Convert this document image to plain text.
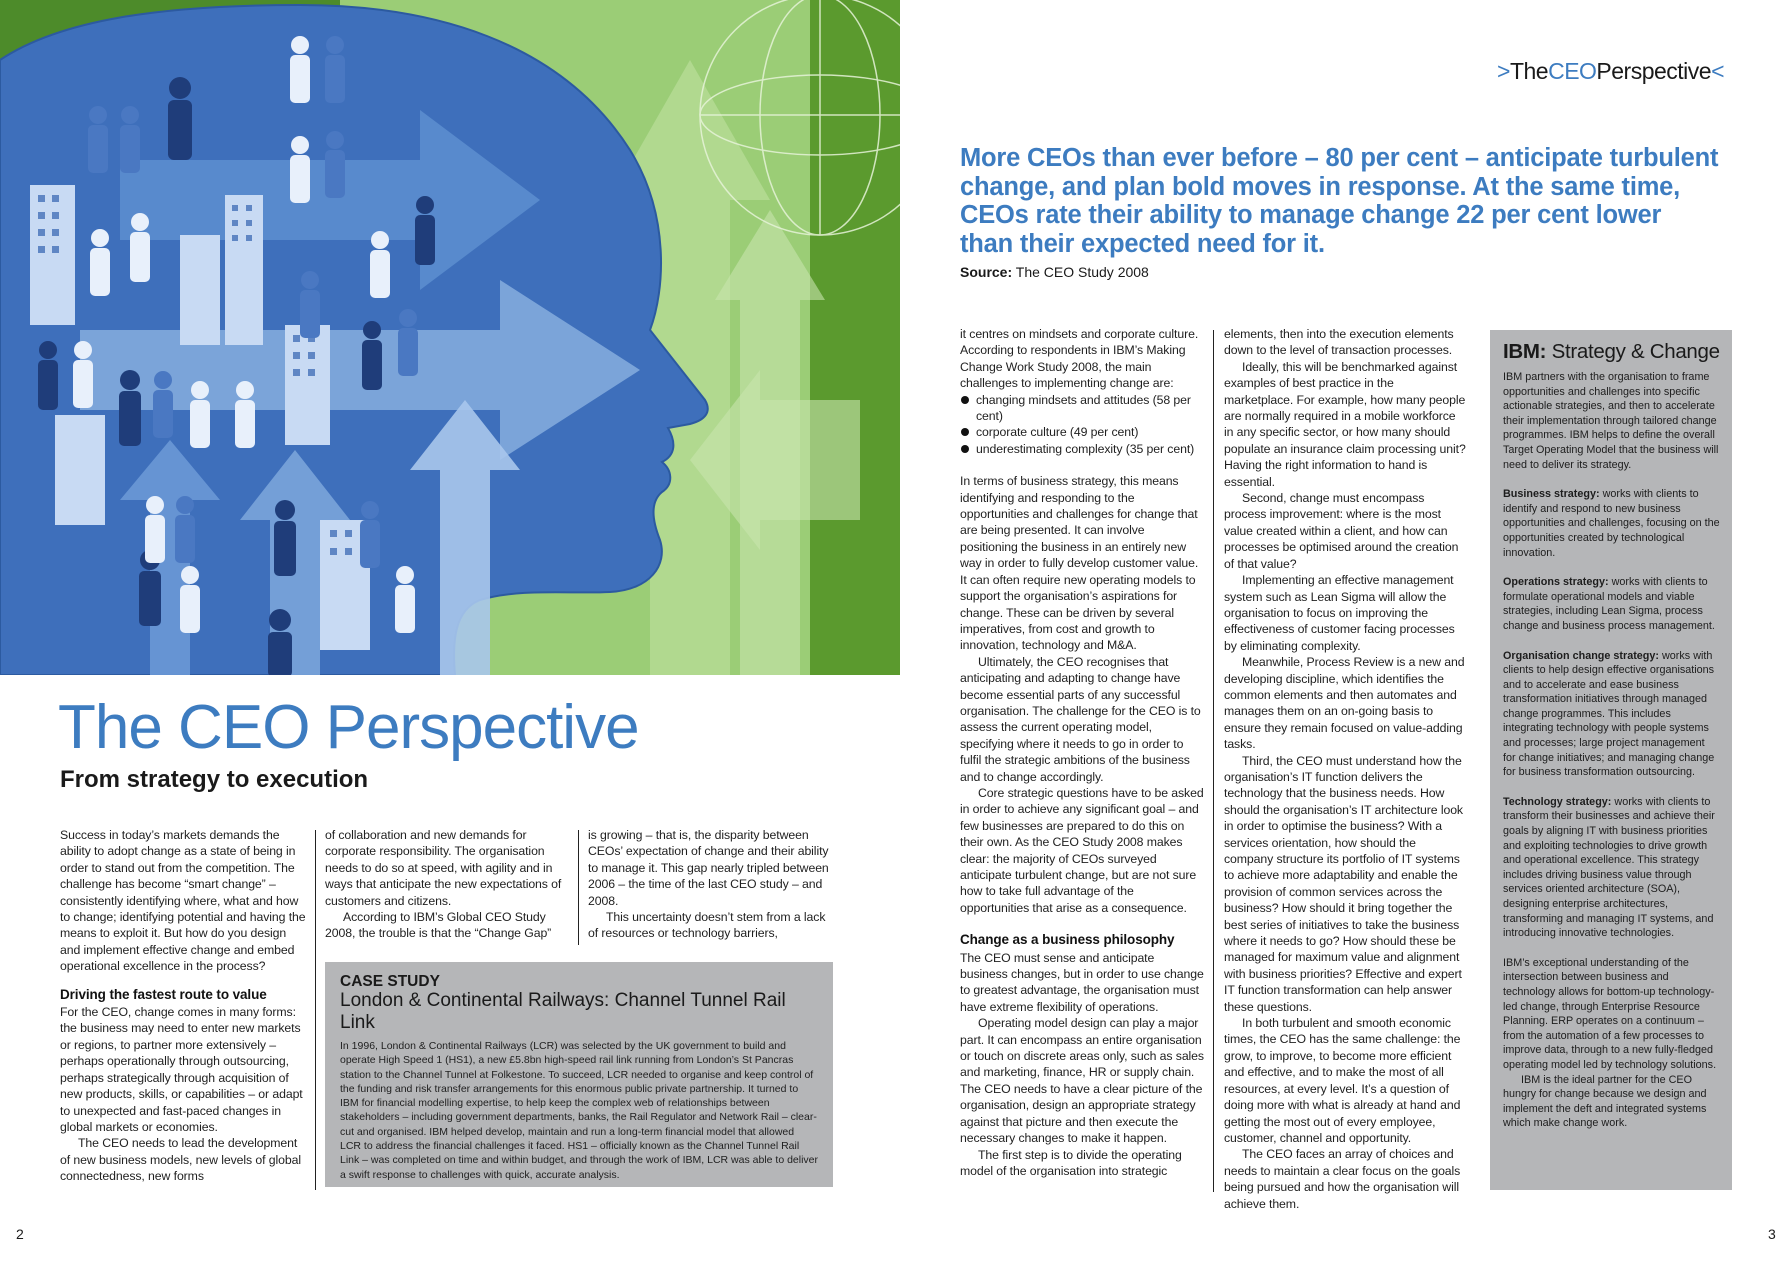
The CEO Perspective
From strategy to execution

Success in today’s markets demands the ability to adopt change as a state of being in order to stand out from the competition. The challenge has become “smart change” – consistently identifying where, what and how to change; identifying potential and having the means to exploit it. But how do you design and implement effective change and embed operational excellence in the process?

Driving the fastest route to value

For the CEO, change comes in many forms: the business may need to enter new markets or regions, to partner more extensively – perhaps operationally through outsourcing, perhaps strategically through acquisition of new products, skills, or capabilities – or adapt to unexpected and fast-paced changes in global markets or economies.

The CEO needs to lead the development of new business models, new levels of global connectedness, new forms

of collaboration and new demands for corporate responsibility. The organisation needs to do so at speed, with agility and in ways that anticipate the new expectations of customers and citizens.

According to IBM’s Global CEO Study 2008, the trouble is that the “Change Gap”

is growing – that is, the disparity between CEOs’ expectation of change and their ability to manage it. This gap nearly tripled between 2006 – the time of the last CEO study – and 2008.

This uncertainty doesn’t stem from a lack of resources or technology barriers,

CASE STUDY
London & Continental Railways: Channel Tunnel Rail Link
In 1996, London & Continental Railways (LCR) was selected by the UK government to build and operate High Speed 1 (HS1), a new £5.8bn high-speed rail link running from London’s St Pancras station to the Channel Tunnel at Folkestone. To succeed, LCR needed to organise and keep control of the funding and risk transfer arrangements for this enormous public private partnership. It turned to IBM for financial modelling expertise, to help keep the complex web of relationships between stakeholders – including government departments, banks, the Rail Regulator and Network Rail – clear-cut and organised. IBM helped develop, maintain and run a long-term financial model that allowed LCR to address the financial challenges it faced. HS1 – officially known as the Channel Tunnel Rail Link – was completed on time and within budget, and through the work of IBM, LCR was able to deliver a swift response to challenges with quick, accurate analysis.
2
>TheCEOPerspective<
More CEOs than ever before – 80 per cent – anticipate turbulent change, and plan bold moves in response. At the same time, CEOs rate their ability to manage change 22 per cent lower than their expected need for it.
Source: The CEO Study 2008

it centres on mindsets and corporate culture. According to respondents in IBM’s Making Change Work Study 2008, the main challenges to implementing change are:

changing mindsets and attitudes (58 per cent)
corporate culture (49 per cent)
underestimating complexity (35 per cent)

In terms of business strategy, this means identifying and responding to the opportunities and challenges for change that are being presented. It can involve positioning the business in an entirely new way in order to fully develop customer value. It can often require new operating models to support the organisation’s aspirations for change. These can be driven by several imperatives, from cost and growth to innovation, technology and M&A.

Ultimately, the CEO recognises that anticipating and adapting to change have become essential parts of any successful organisation. The challenge for the CEO is to assess the current operating model, specifying where it needs to go in order to fulfil the strategic ambitions of the business and to change accordingly.

Core strategic questions have to be asked in order to achieve any significant goal – and few businesses are prepared to do this on their own. As the CEO Study 2008 makes clear: the majority of CEOs surveyed anticipate turbulent change, but are not sure how to take full advantage of the opportunities that arise as a consequence.

Change as a business philosophy

The CEO must sense and anticipate business changes, but in order to use change to greatest advantage, the organisation must have extreme flexibility of operations.

Operating model design can play a major part. It can encompass an entire organisation or touch on discrete areas only, such as sales and marketing, finance, HR or supply chain. The CEO needs to have a clear picture of the organisation, design an appropriate strategy against that picture and then execute the necessary changes to make it happen.

The first step is to divide the operating model of the organisation into strategic

elements, then into the execution elements down to the level of transaction processes.

Ideally, this will be benchmarked against examples of best practice in the marketplace. For example, how many people are normally required in a mobile workforce in any specific sector, or how many should populate an insurance claim processing unit? Having the right information to hand is essential.

Second, change must encompass process improvement: where is the most value created within a client, and how can processes be optimised around the creation of that value?

Implementing an effective management system such as Lean Sigma will allow the organisation to focus on improving the effectiveness of customer facing processes by eliminating complexity.

Meanwhile, Process Review is a new and developing discipline, which identifies the common elements and then automates and manages them on an on-going basis to ensure they remain focused on value-adding tasks.

Third, the CEO must understand how the organisation’s IT function delivers the technology that the business needs. How should the organisation’s IT architecture look in order to optimise the business? With a services orientation, how should the company structure its portfolio of IT systems to achieve more adaptability and enable the provision of common services across the business? How should it bring together the best series of initiatives to take the business where it needs to go? How should these be managed for maximum value and alignment with business priorities? Effective and expert IT function transformation can help answer these questions.

In both turbulent and smooth economic times, the CEO has the same challenge: the grow, to improve, to become more efficient and effective, and to make the most of all resources, at every level. It’s a question of doing more with what is already at hand and getting the most out of every employee, customer, channel and opportunity.

The CEO faces an array of choices and needs to maintain a clear focus on the goals being pursued and how the organisation will achieve them.

IBM: Strategy & Change

IBM partners with the organisation to frame opportunities and challenges into specific actionable strategies, and then to accelerate their implementation through tailored change programmes. IBM helps to define the overall Target Operating Model that the business will need to deliver its strategy.

Business strategy: works with clients to identify and respond to new business opportunities and challenges, focusing on the opportunities created by technological innovation.

Operations strategy: works with clients to formulate operational models and viable strategies, including Lean Sigma, process change and business process management.

Organisation change strategy: works with clients to help design effective organisations and to accelerate and ease business transformation initiatives through managed change programmes. This includes integrating technology with people systems and processes; large project management for change initiatives; and managing change for business transformation outsourcing.

Technology strategy: works with clients to transform their businesses and achieve their goals by aligning IT with business priorities and exploiting technologies to drive growth and operational excellence. This strategy includes driving business value through services oriented architecture (SOA), designing enterprise architectures, transforming and managing IT systems, and introducing innovative technologies.

IBM’s exceptional understanding of the intersection between business and technology allows for bottom-up technology-led change, through Enterprise Resource Planning. ERP operates on a continuum – from the automation of a few processes to improve data, through to a new fully-fledged operating model led by technology solutions.

IBM is the ideal partner for the CEO hungry for change because we design and implement the deft and integrated systems which make change work.

3
